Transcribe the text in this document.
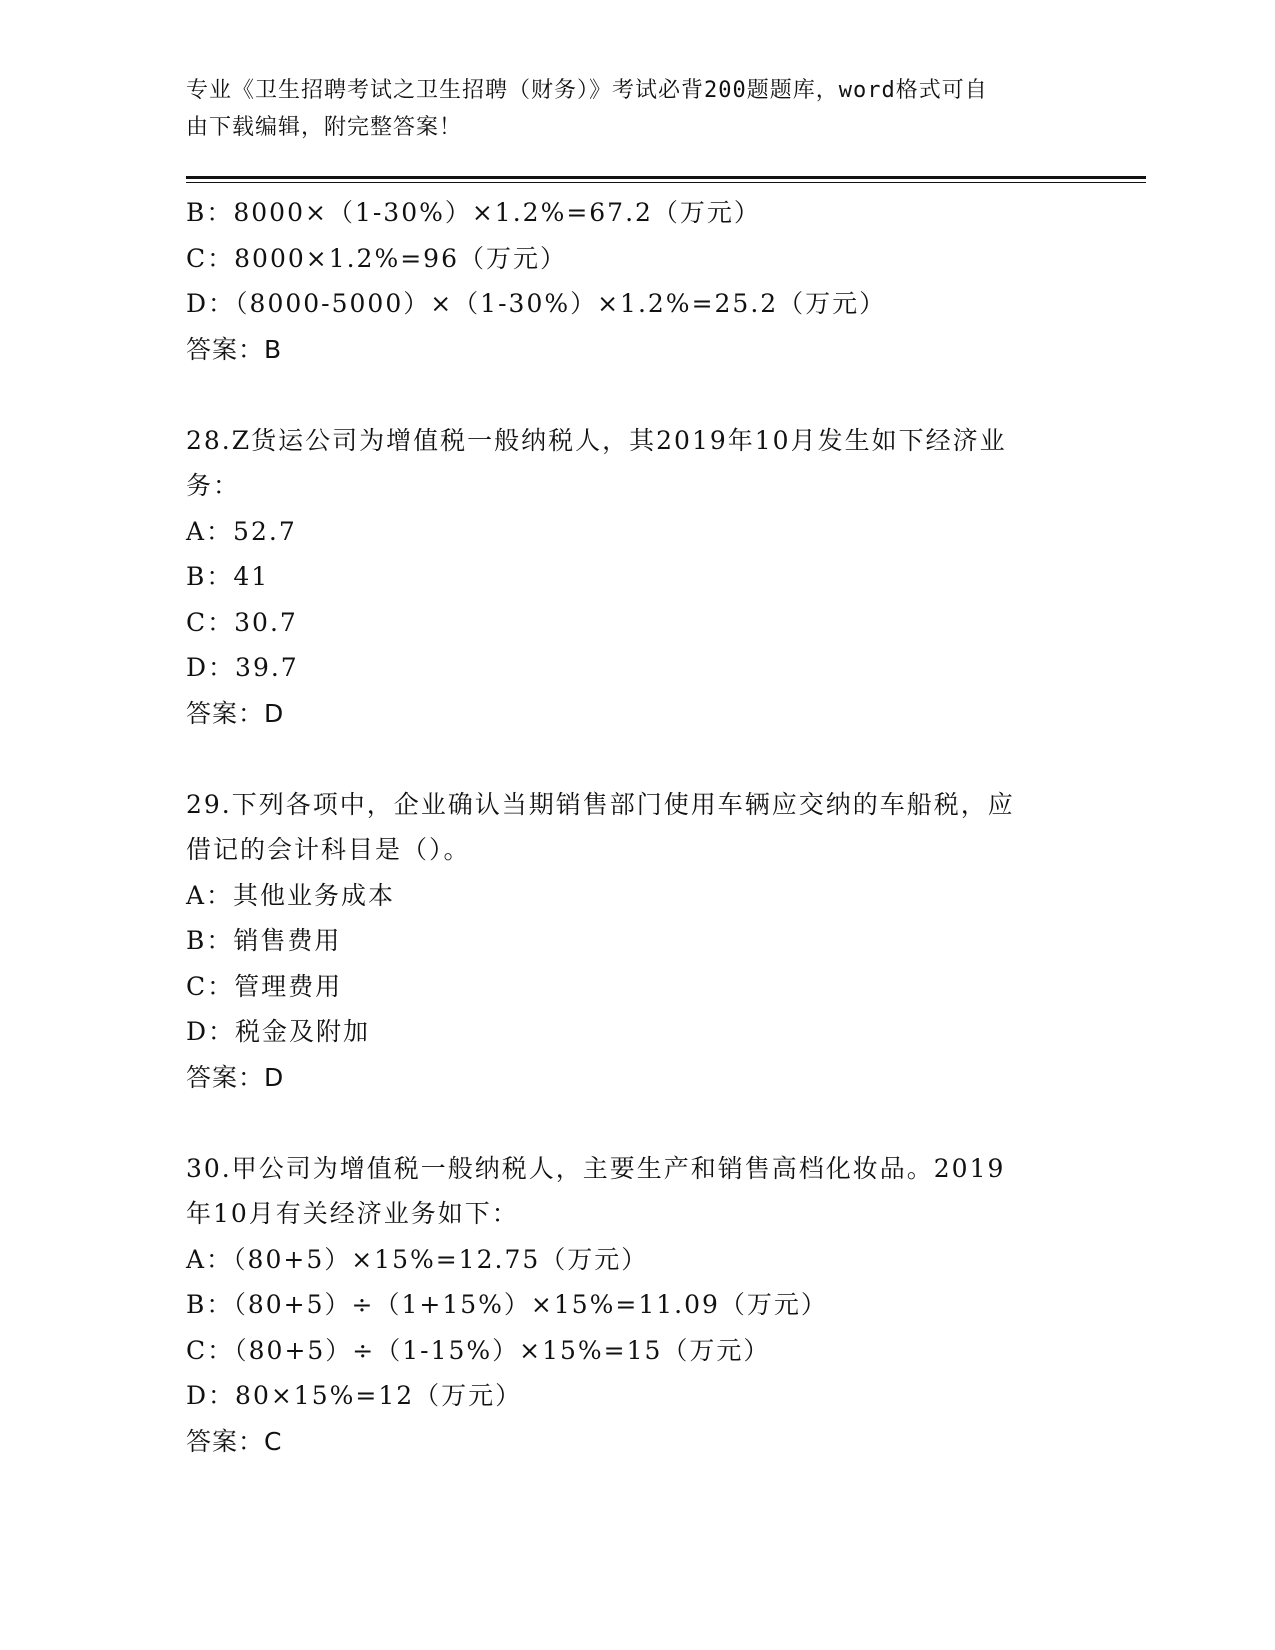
专业《卫生招聘考试之卫生招聘（财务）》考试必背200题题库，word格式可自
由下载编辑，附完整答案！
B：8000×（1-30%）×1.2%=67.2（万元）
C：8000×1.2%=96（万元）
D：（8000-5000）×（1-30%）×1.2%=25.2（万元）
答案：B
28.Z货运公司为增值税一般纳税人，其2019年10月发生如下经济业
务：
A：52.7
B：41
C：30.7
D：39.7
答案：D
29.下列各项中，企业确认当期销售部门使用车辆应交纳的车船税，应
借记的会计科目是（）。
A：其他业务成本
B：销售费用
C：管理费用
D：税金及附加
答案：D
30.甲公司为增值税一般纳税人，主要生产和销售高档化妆品。2019
年10月有关经济业务如下：
A：（80+5）×15%=12.75（万元）
B：（80+5）÷（1+15%）×15%=11.09（万元）
C：（80+5）÷（1-15%）×15%=15（万元）
D：80×15%=12（万元）
答案：C
